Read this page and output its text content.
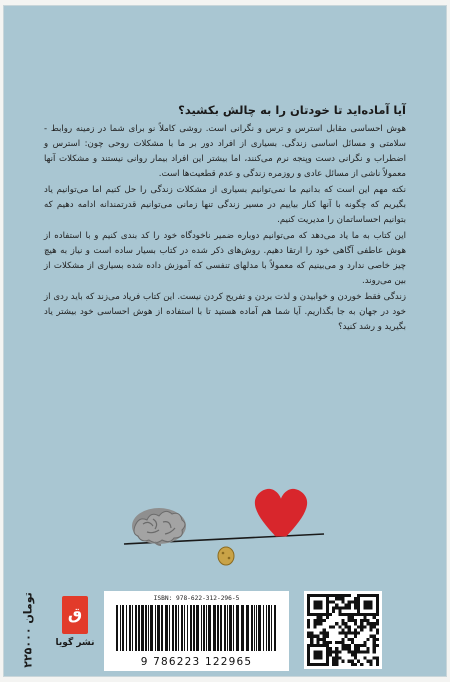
آیا آماده‌اید تا خودتان را به چالش بکشید؟

هوش احساسی مقابل استرس و ترس و نگرانی است. روشی کاملاً نو برای شما در زمینه روابط - سلامتی و مسائل اساسی زندگی. بسیاری از افراد دور بر ما با مشکلات روحی چون: استرس و اضطراب و نگرانی دست وپنجه نرم می‌کنند، اما بیشتر این افراد بیمار روانی نیستند و مشکلات آنها معمولاً ناشی از مسائل عادی و روزمره زندگی و عدم قطعیت‌ها است.

نکته مهم این است که بدانیم ما نمی‌توانیم بسیاری از مشکلات زندگی را حل کنیم اما می‌توانیم یاد بگیریم که چگونه با آنها کنار بیاییم در مسیر زندگی تنها زمانی می‌توانیم قدرتمندانه ادامه دهیم که بتوانیم احساساتمان را مدیریت کنیم.

این کتاب به ما یاد می‌دهد که می‌توانیم دوباره ضمیر ناخودگاه خود را کد بندی کنیم و با استفاده از هوش عاطفی آگاهی خود را ارتقا دهیم. روش‌های ذکر شده در کتاب بسیار ساده است و نیاز به هیچ چیز خاصی ندارد و می‌بینیم که معمولاً با مدلهای تنفسی که آموزش داده شده بسیاری از مشکلات از بین می‌روند.

زندگی فقط خوردن و خوابیدن و لذت بردن و تفریح کردن نیست. این کتاب فریاد می‌زند که باید ردی از خود در جهان به جا بگذاریم. آیا شما هم آماده هستید تا با استفاده از هوش احساسی خود بیشتر یاد بگیرید و رشد کنید؟

۲۲۵۰۰۰ تومان	ق
نشر گویا
ISBN: 978-622-312-296-5
9 786223 122965
